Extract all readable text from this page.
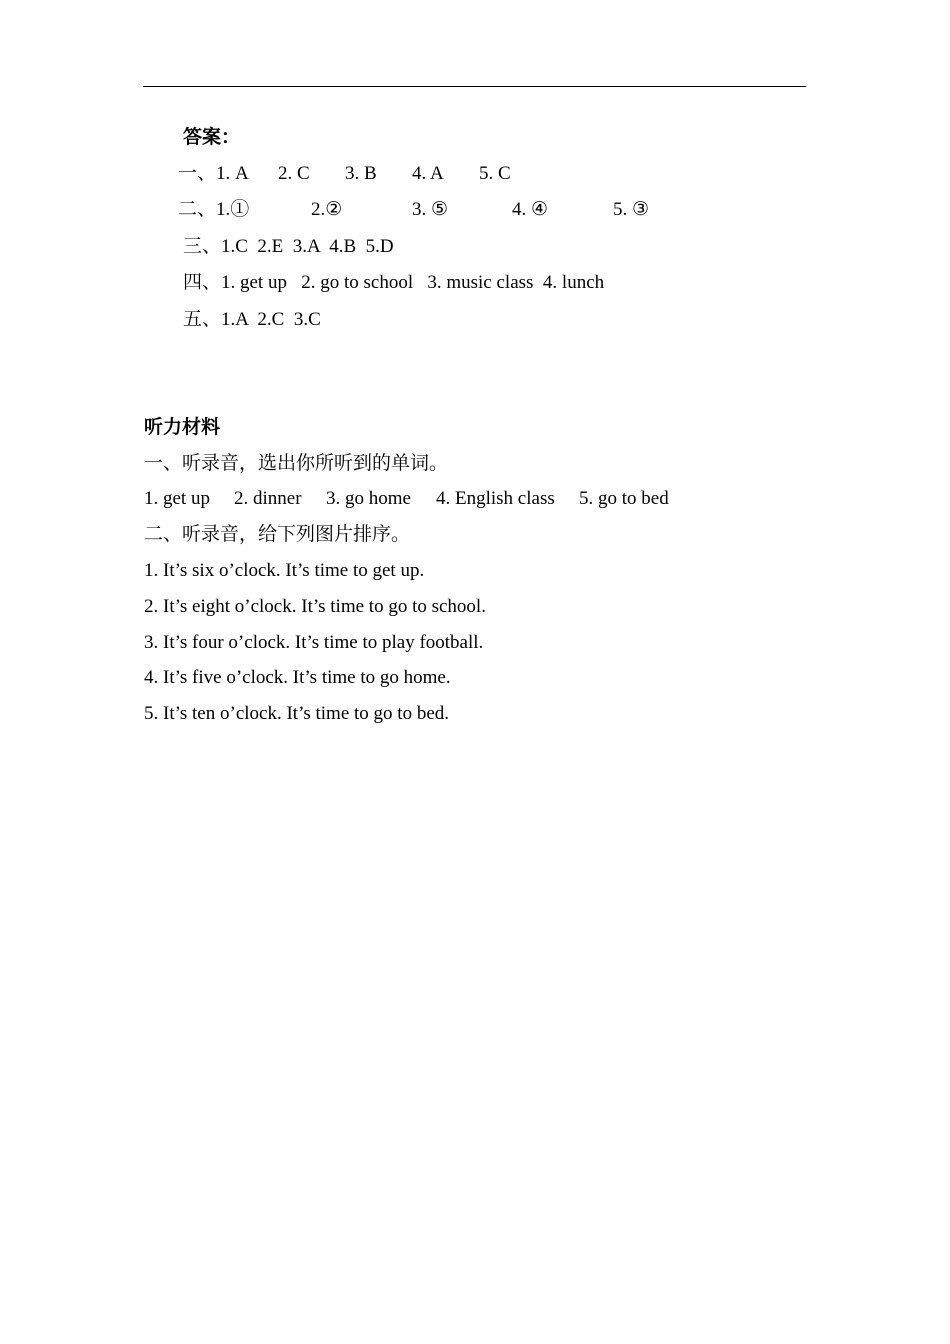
答案：
一、1. A 2. C 3. B 4. A 5. C
二、1.①	2.②	3. ⑤	4. ④	5. ③
三、1.C  2.E  3.A  4.B  5.D
四、1. get up   2. go to school   3. music class  4. lunch
五、1.A  2.C  3.C
听力材料
一、听录音，选出你所听到的单词。
1. get up 2. dinner 3. go home 4. English class 5. go to bed
二、听录音，给下列图片排序。
1. It’s six o’clock. It’s time to get up.
2. It’s eight o’clock. It’s time to go to school.
3. It’s four o’clock. It’s time to play football.
4. It’s five o’clock. It’s time to go home.
5. It’s ten o’clock. It’s time to go to bed.
